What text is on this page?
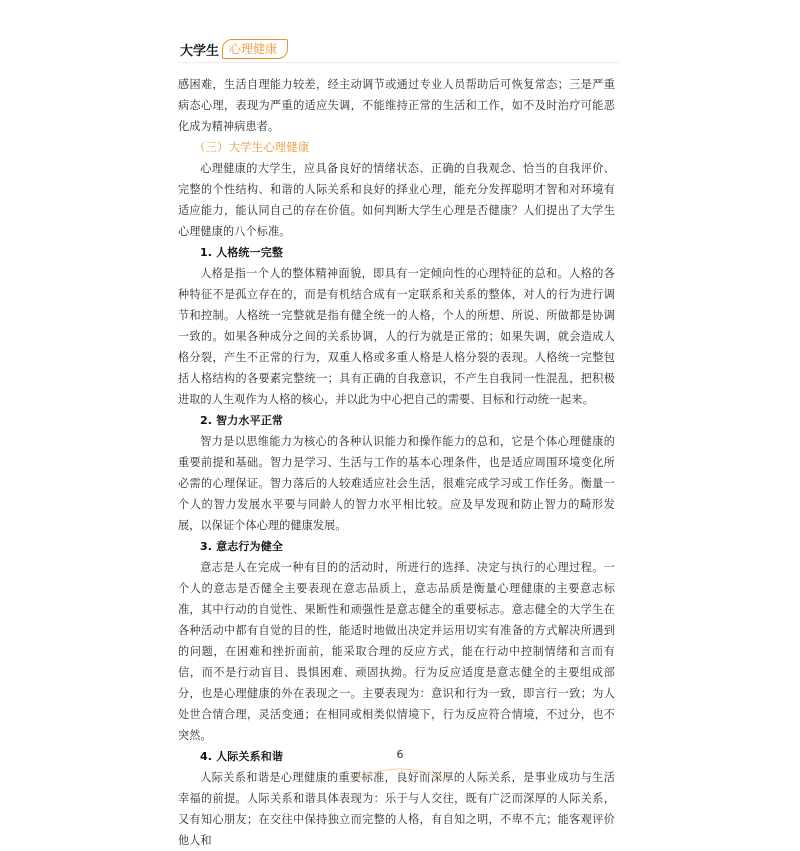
大学生 心理健康

感困难，生活自理能力较差，经主动调节或通过专业人员帮助后可恢复常态；三是严重病态心理，表现为严重的适应失调，不能维持正常的生活和工作，如不及时治疗可能恶化成为精神病患者。

（三）大学生心理健康

心理健康的大学生，应具备良好的情绪状态、正确的自我观念、恰当的自我评价、完整的个性结构、和谐的人际关系和良好的择业心理，能充分发挥聪明才智和对环境有适应能力，能认同自己的存在价值。如何判断大学生心理是否健康？人们提出了大学生心理健康的八个标准。

1. 人格统一完整

人格是指一个人的整体精神面貌，即具有一定倾向性的心理特征的总和。人格的各种特征不是孤立存在的，而是有机结合成有一定联系和关系的整体，对人的行为进行调节和控制。人格统一完整就是指有健全统一的人格，个人的所想、所说、所做都是协调一致的。如果各种成分之间的关系协调，人的行为就是正常的；如果失调，就会造成人格分裂，产生不正常的行为，双重人格或多重人格是人格分裂的表现。人格统一完整包括人格结构的各要素完整统一；具有正确的自我意识，不产生自我同一性混乱，把积极进取的人生观作为人格的核心，并以此为中心把自己的需要、目标和行动统一起来。

2. 智力水平正常

智力是以思维能力为核心的各种认识能力和操作能力的总和，它是个体心理健康的重要前提和基础。智力是学习、生活与工作的基本心理条件，也是适应周围环境变化所必需的心理保证。智力落后的人较难适应社会生活，很难完成学习或工作任务。衡量一个人的智力发展水平要与同龄人的智力水平相比较。应及早发现和防止智力的畸形发展，以保证个体心理的健康发展。

3. 意志行为健全

意志是人在完成一种有目的的活动时，所进行的选择、决定与执行的心理过程。一个人的意志是否健全主要表现在意志品质上，意志品质是衡量心理健康的主要意志标准，其中行动的自觉性、果断性和顽强性是意志健全的重要标志。意志健全的大学生在各种活动中都有自觉的目的性，能适时地做出决定并运用切实有准备的方式解决所遇到的问题，在困难和挫折面前，能采取合理的反应方式，能在行动中控制情绪和言而有信，而不是行动盲目、畏惧困难、顽固执拗。行为反应适度是意志健全的主要组成部分，也是心理健康的外在表现之一。主要表现为：意识和行为一致，即言行一致；为人处世合情合理，灵活变通；在相同或相类似情境下，行为反应符合情境，不过分，也不突然。

4. 人际关系和谐

人际关系和谐是心理健康的重要标准，良好而深厚的人际关系，是事业成功与生活幸福的前提。人际关系和谐具体表现为：乐于与人交往，既有广泛而深厚的人际关系，又有知心朋友；在交往中保持独立而完整的人格，有自知之明，不卑不亢；能客观评价他人和

6
